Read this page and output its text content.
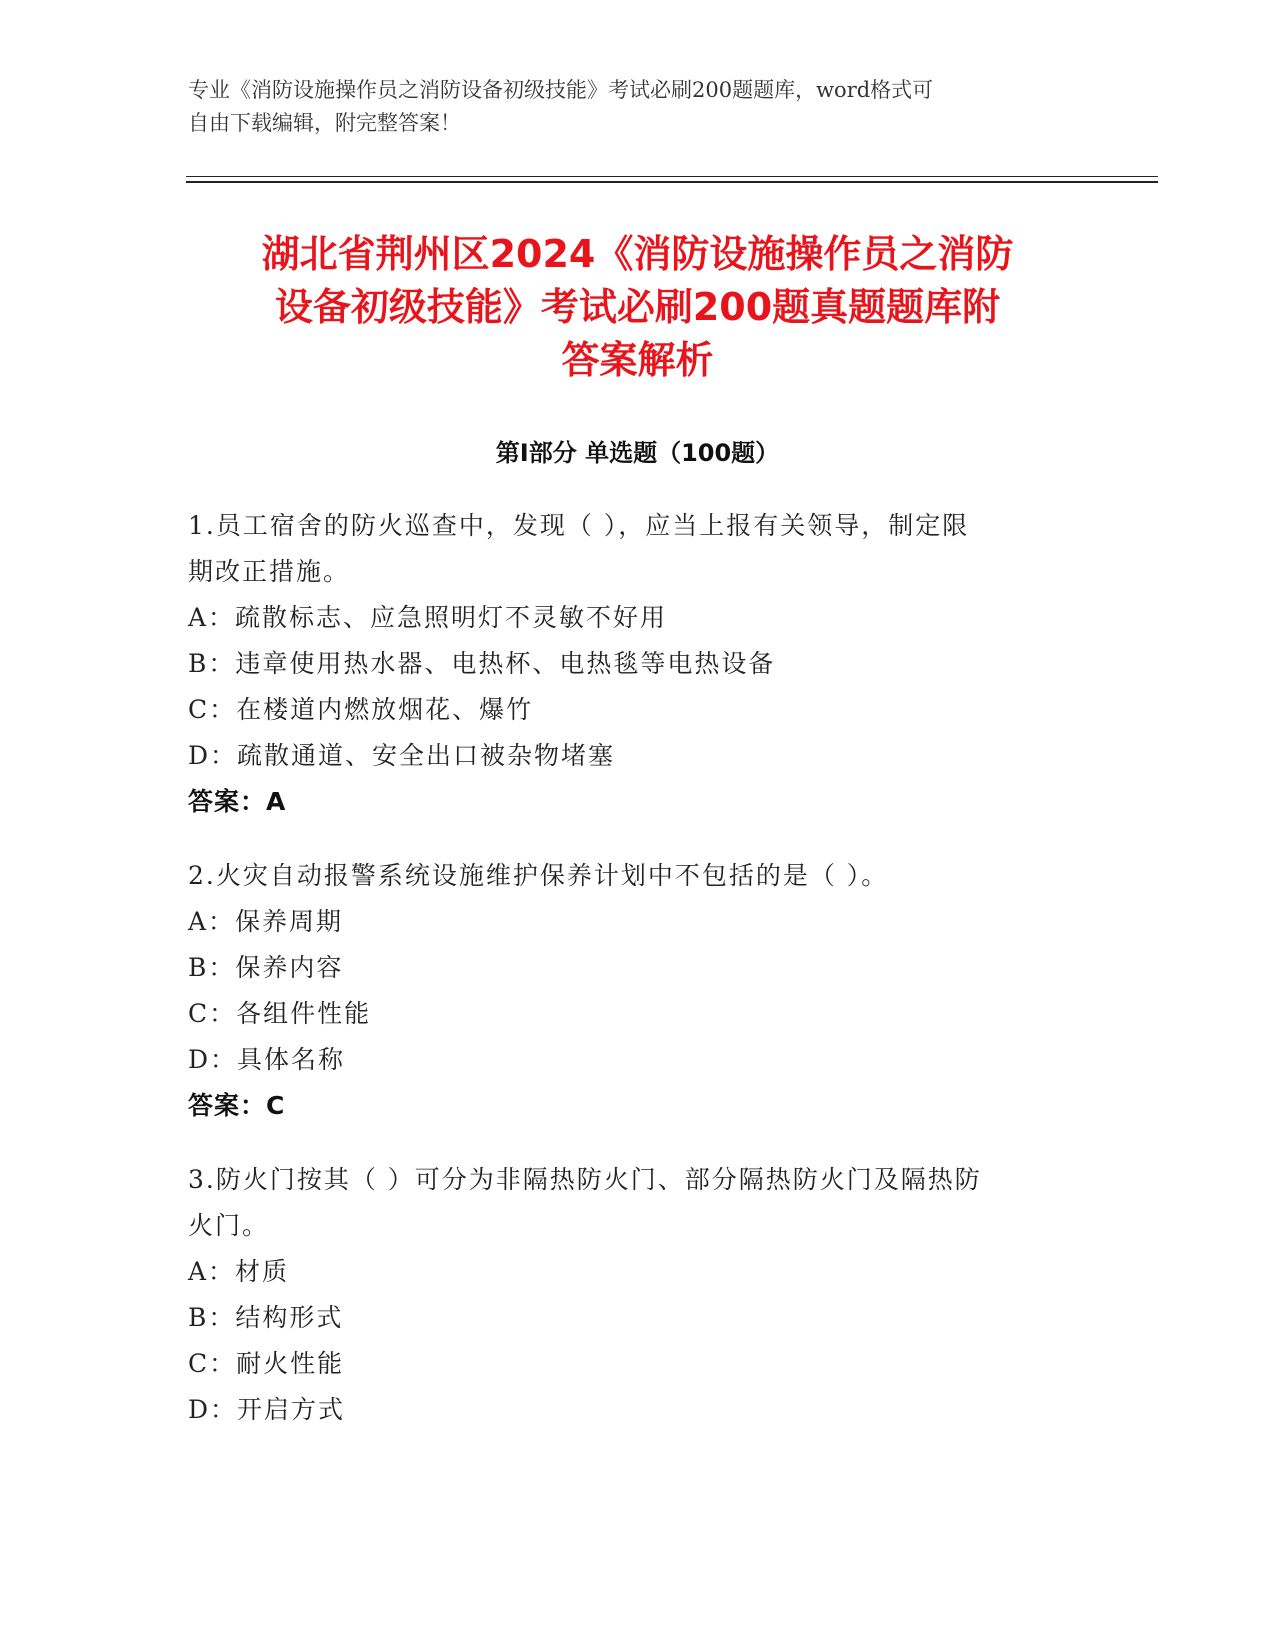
专业《消防设施操作员之消防设备初级技能》考试必刷200题题库，word格式可
自由下载编辑，附完整答案！
湖北省荆州区2024《消防设施操作员之消防
设备初级技能》考试必刷200题真题题库附
答案解析
第Ⅰ部分 单选题（100题）
1.员工宿舍的防火巡查中，发现（ ），应当上报有关领导，制定限
期改正措施。
A：疏散标志、应急照明灯不灵敏不好用
B：违章使用热水器、电热杯、电热毯等电热设备
C：在楼道内燃放烟花、爆竹
D：疏散通道、安全出口被杂物堵塞
答案：A
2.火灾自动报警系统设施维护保养计划中不包括的是（ ）。
A：保养周期
B：保养内容
C：各组件性能
D：具体名称
答案：C
3.防火门按其（ ）可分为非隔热防火门、部分隔热防火门及隔热防
火门。
A：材质
B：结构形式
C：耐火性能
D：开启方式
